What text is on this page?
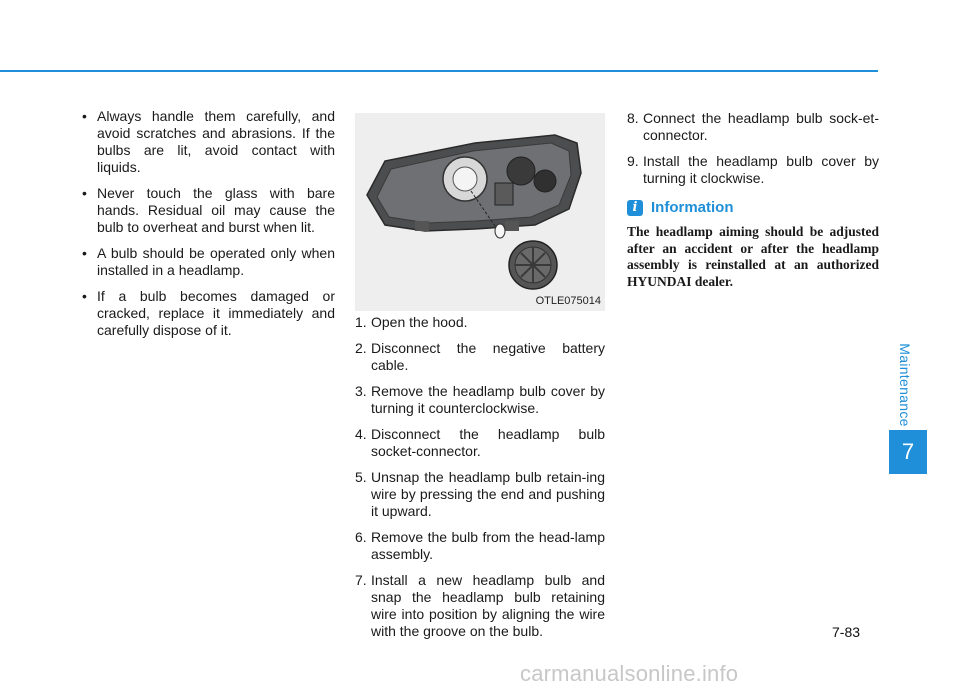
• Always handle them carefully, and avoid scratches and abrasions. If the bulbs are lit, avoid contact with liquids.
• Never touch the glass with bare hands. Residual oil may cause the bulb to overheat and burst when lit.
• A bulb should be operated only when installed in a headlamp.
• If a bulb becomes damaged or cracked, replace it immediately and carefully dispose of it.
OTLE075014
1. Open the hood.
2. Disconnect the negative battery cable.
3. Remove the headlamp bulb cover by turning it counterclockwise.
4. Disconnect the headlamp bulb socket-connector.
5. Unsnap the headlamp bulb retain-ing wire by pressing the end and pushing it upward.
6. Remove the bulb from the head-lamp assembly.
7. Install a new headlamp bulb and snap the headlamp bulb retaining wire into position by aligning the wire with the groove on the bulb.
8. Connect the headlamp bulb sock-et-connector.
9. Install the headlamp bulb cover by turning it clockwise.
i Information
The headlamp aiming should be adjusted after an accident or after the headlamp assembly is reinstalled at an authorized HYUNDAI dealer.
Maintenance
7
7-83
carmanualsonline.info
